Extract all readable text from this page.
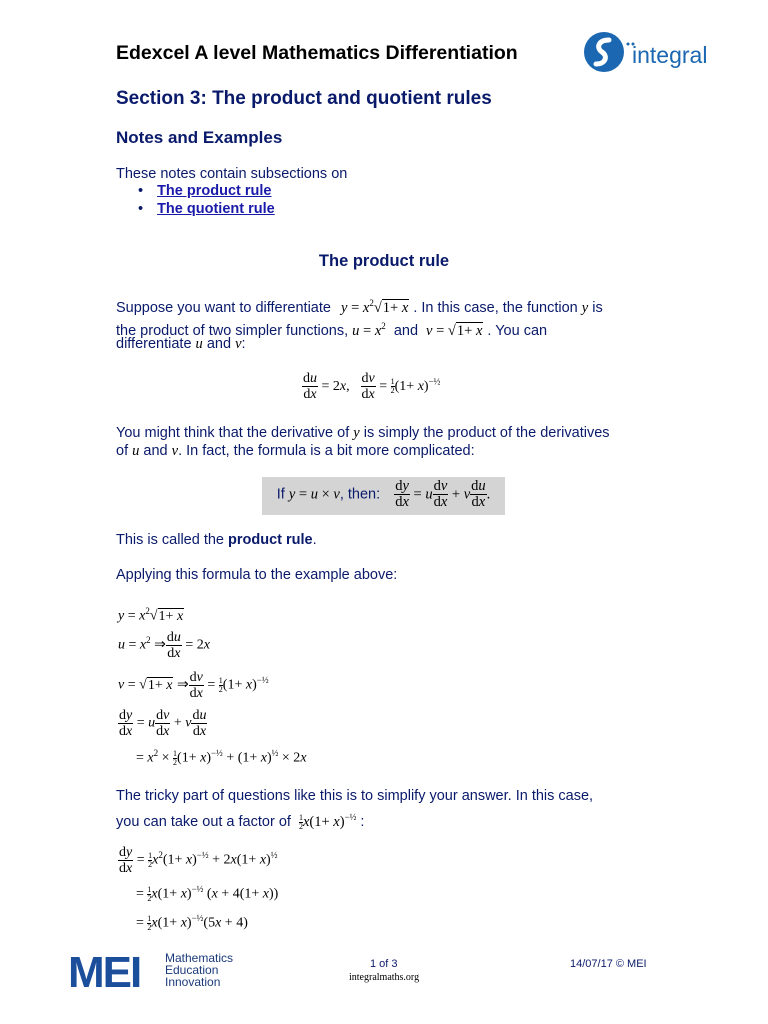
Edexcel A level Mathematics Differentiation	integral
Section 3: The product and quotient rules
Notes and Examples
These notes contain subsections on
• The product rule
• The quotient rule
The product rule
Suppose you want to differentiate $y = x^2√1+ x$ . In this case, the function y is
the product of two simpler functions, $u = x^2$ and v = √1+ x . You can
differentiate u and v:
$\frac{du}{dx} = 2x$, $\frac{dv}{dx} = \frac{1}{2}(1+ x)^{-\frac{1}{2}}$
You might think that the derivative of y is simply the product of the derivatives
of u and v. In fact, the formula is a bit more complicated:
If y = u × v, then: $\frac{dy}{dx} = u \frac{dv}{dx} + v \frac{du}{dx}$ .
This is called the product rule.
Applying this formula to the example above:
$y = x^2√1+ x$
$u = x^2$ ⇒ $\frac{du}{dx} = 2x$
v = √1+ x ⇒ $\frac{dv}{dx} = \frac{1}{2}(1+ x)^{-\frac{1}{2}}$
$\frac{dy}{dx} = u \frac{dv}{dx} + v \frac{du}{dx}$
= $x^2 \times \frac{1}{2}(1+ x)^{-\frac{1}{2}} + (1+ x)^{\frac{1}{2}} \times 2x$
The tricky part of questions like this is to simplify your answer. In this case,
you can take out a factor of $\frac{1}{2}x(1+ x)^{-\frac{1}{2}}$ :
$\frac{dy}{dx} = \frac{1}{2}x^2(1+ x)^{-\frac{1}{2}} + 2x(1+ x)^{\frac{1}{2}}$
= $\frac{1}{2}x(1+ x)^{-\frac{1}{2}}$ (x + 4(1+ x))
= $\frac{1}{2}x(1+ x)^{-\frac{1}{2}}(5x + 4)$
MEI Mathematics
Education
Innovation
1 of 3
integralmaths.org
14/07/17 © MEI
